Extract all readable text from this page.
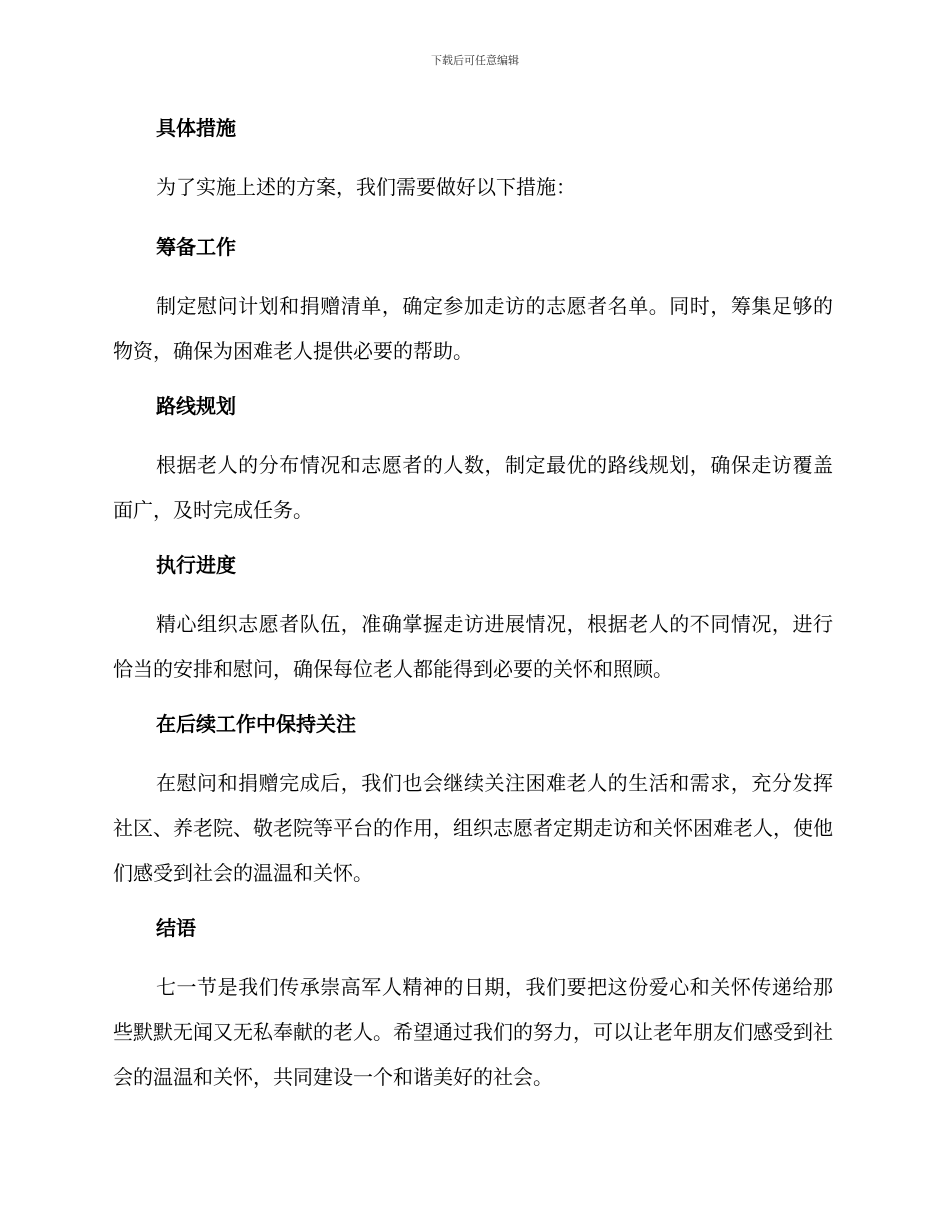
下载后可任意编辑
具体措施

为了实施上述的方案，我们需要做好以下措施：

筹备工作

制定慰问计划和捐赠清单，确定参加走访的志愿者名单。同时，筹集足够的物资，确保为困难老人提供必要的帮助。

路线规划

根据老人的分布情况和志愿者的人数，制定最优的路线规划，确保走访覆盖面广，及时完成任务。

执行进度

精心组织志愿者队伍，准确掌握走访进展情况，根据老人的不同情况，进行恰当的安排和慰问，确保每位老人都能得到必要的关怀和照顾。

在后续工作中保持关注

在慰问和捐赠完成后，我们也会继续关注困难老人的生活和需求，充分发挥社区、养老院、敬老院等平台的作用，组织志愿者定期走访和关怀困难老人，使他们感受到社会的温温和关怀。

结语

七一节是我们传承崇高军人精神的日期，我们要把这份爱心和关怀传递给那些默默无闻又无私奉献的老人。希望通过我们的努力，可以让老年朋友们感受到社会的温温和关怀，共同建设一个和谐美好的社会。
